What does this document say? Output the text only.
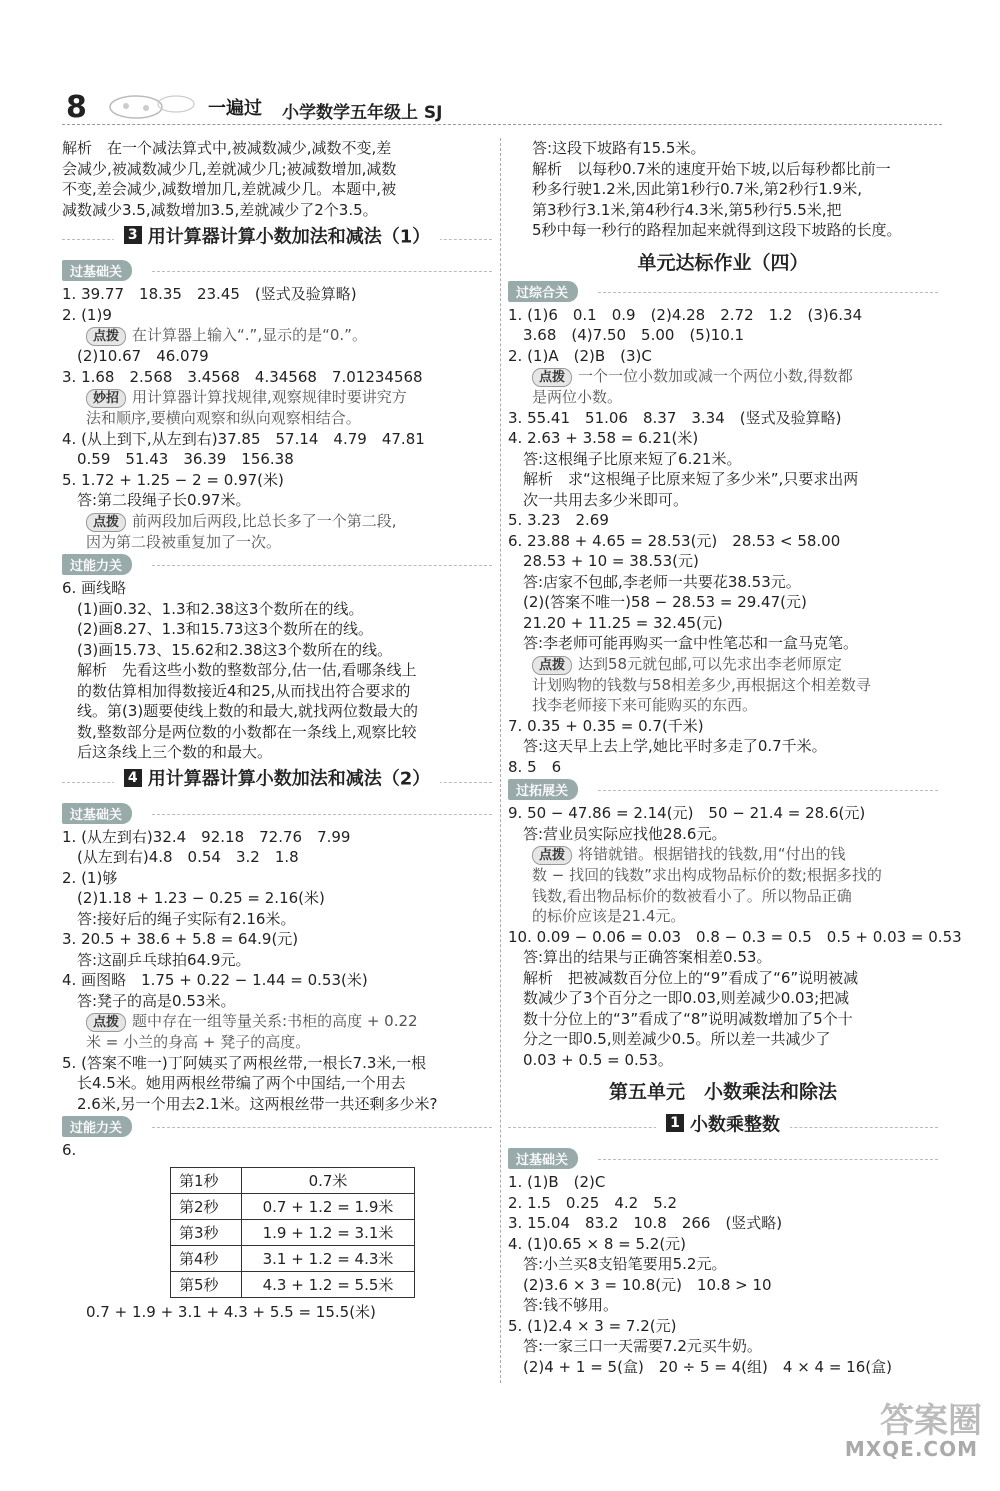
8	一遍过 小学数学五年级上 SJ
解析　在一个减法算式中,被减数减少,减数不变,差
会减少,被减数减少几,差就减少几;被减数增加,减数
不变,差会减少,减数增加几,差就减少几。本题中,被
减数减少3.5,减数增加3.5,差就减少了2个3.5。
3 用计算器计算小数加法和减法（1）
过基础关
1. 39.77　18.35　23.45　(竖式及验算略)
2. (1)9
点拨 在计算器上输入“.”,显示的是“0.”。
　(2)10.67　46.079
3. 1.68　2.568　3.4568　4.34568　7.01234568
妙招 用计算器计算找规律,观察规律时要讲究方
法和顺序,要横向观察和纵向观察相结合。
4. (从上到下,从左到右)37.85　57.14　4.79　47.81
　0.59　51.43　36.39　156.38
5. 1.72 + 1.25 − 2 = 0.97(米)
　答:第二段绳子长0.97米。
点拨 前两段加后两段,比总长多了一个第二段,
因为第二段被重复加了一次。
过能力关
6. 画线略
　(1)画0.32、1.3和2.38这3个数所在的线。
　(2)画8.27、1.3和15.73这3个数所在的线。
　(3)画15.73、15.62和2.38这3个数所在的线。
　解析　先看这些小数的整数部分,估一估,看哪条线上
　的数估算相加得数接近4和25,从而找出符合要求的
　线。第(3)题要使线上数的和最大,就找两位数最大的
　数,整数部分是两位数的小数都在一条线上,观察比较
　后这条线上三个数的和最大。
4 用计算器计算小数加法和减法（2）
过基础关
1. (从左到右)32.4　92.18　72.76　7.99
　(从左到右)4.8　0.54　3.2　1.8
2. (1)够
　(2)1.18 + 1.23 − 0.25 = 2.16(米)
　答:接好后的绳子实际有2.16米。
3. 20.5 + 38.6 + 5.8 = 64.9(元)
　答:这副乒乓球拍64.9元。
4. 画图略　1.75 + 0.22 − 1.44 = 0.53(米)
　答:凳子的高是0.53米。
点拨 题中存在一组等量关系:书柜的高度 + 0.22
米 = 小兰的身高 + 凳子的高度。
5. (答案不唯一)丁阿姨买了两根丝带,一根长7.3米,一根
　长4.5米。她用两根丝带编了两个中国结,一个用去
　2.6米,另一个用去2.1米。这两根丝带一共还剩多少米?
过能力关
6.
第1秒	0.7米
第2秒	0.7 + 1.2 = 1.9米
第3秒	1.9 + 1.2 = 3.1米
第4秒	3.1 + 1.2 = 4.3米
第5秒	4.3 + 1.2 = 5.5米
0.7 + 1.9 + 3.1 + 4.3 + 5.5 = 15.5(米)
答:这段下坡路有15.5米。
解析　以每秒0.7米的速度开始下坡,以后每秒都比前一
秒多行驶1.2米,因此第1秒行0.7米,第2秒行1.9米,
第3秒行3.1米,第4秒行4.3米,第5秒行5.5米,把
5秒中每一秒行的路程加起来就得到这段下坡路的长度。
单元达标作业（四）
过综合关
1. (1)6　0.1　0.9　(2)4.28　2.72　1.2　(3)6.34
　3.68　(4)7.50　5.00　(5)10.1
2. (1)A　(2)B　(3)C
点拨 一个一位小数加或减一个两位小数,得数都
是两位小数。
3. 55.41　51.06　8.37　3.34　(竖式及验算略)
4. 2.63 + 3.58 = 6.21(米)
　答:这根绳子比原来短了6.21米。
　解析　求“这根绳子比原来短了多少米”,只要求出两
　次一共用去多少米即可。
5. 3.23　2.69
6. 23.88 + 4.65 = 28.53(元)　28.53 < 58.00
　28.53 + 10 = 38.53(元)
　答:店家不包邮,李老师一共要花38.53元。
　(2)(答案不唯一)58 − 28.53 = 29.47(元)
　21.20 + 11.25 = 32.45(元)
　答:李老师可能再购买一盒中性笔芯和一盒马克笔。
点拨 达到58元就包邮,可以先求出李老师原定
计划购物的钱数与58相差多少,再根据这个相差数寻
找李老师接下来可能购买的东西。
7. 0.35 + 0.35 = 0.7(千米)
　答:这天早上去上学,她比平时多走了0.7千米。
8. 5　6
过拓展关
9. 50 − 47.86 = 2.14(元)　50 − 21.4 = 28.6(元)
　答:营业员实际应找他28.6元。
点拨 将错就错。根据错找的钱数,用“付出的钱
数 − 找回的钱数”求出构成物品标价的数;根据多找的
钱数,看出物品标价的数被看小了。所以物品正确
的标价应该是21.4元。
10. 0.09 − 0.06 = 0.03　0.8 − 0.3 = 0.5　0.5 + 0.03 = 0.53
　答:算出的结果与正确答案相差0.53。
　解析　把被减数百分位上的“9”看成了“6”说明被减
　数减少了3个百分之一即0.03,则差减少0.03;把减
　数十分位上的“3”看成了“8”说明减数增加了5个十
　分之一即0.5,则差减少0.5。所以差一共减少了
　0.03 + 0.5 = 0.53。
第五单元　小数乘法和除法
1 小数乘整数
过基础关
1. (1)B　(2)C
2. 1.5　0.25　4.2　5.2
3. 15.04　83.2　10.8　266　(竖式略)
4. (1)0.65 × 8 = 5.2(元)
　答:小兰买8支铅笔要用5.2元。
　(2)3.6 × 3 = 10.8(元)　10.8 > 10
　答:钱不够用。
5. (1)2.4 × 3 = 7.2(元)
　答:一家三口一天需要7.2元买牛奶。
　(2)4 + 1 = 5(盒)　20 ÷ 5 = 4(组)　4 × 4 = 16(盒)
答案圈
MXQE.COM
